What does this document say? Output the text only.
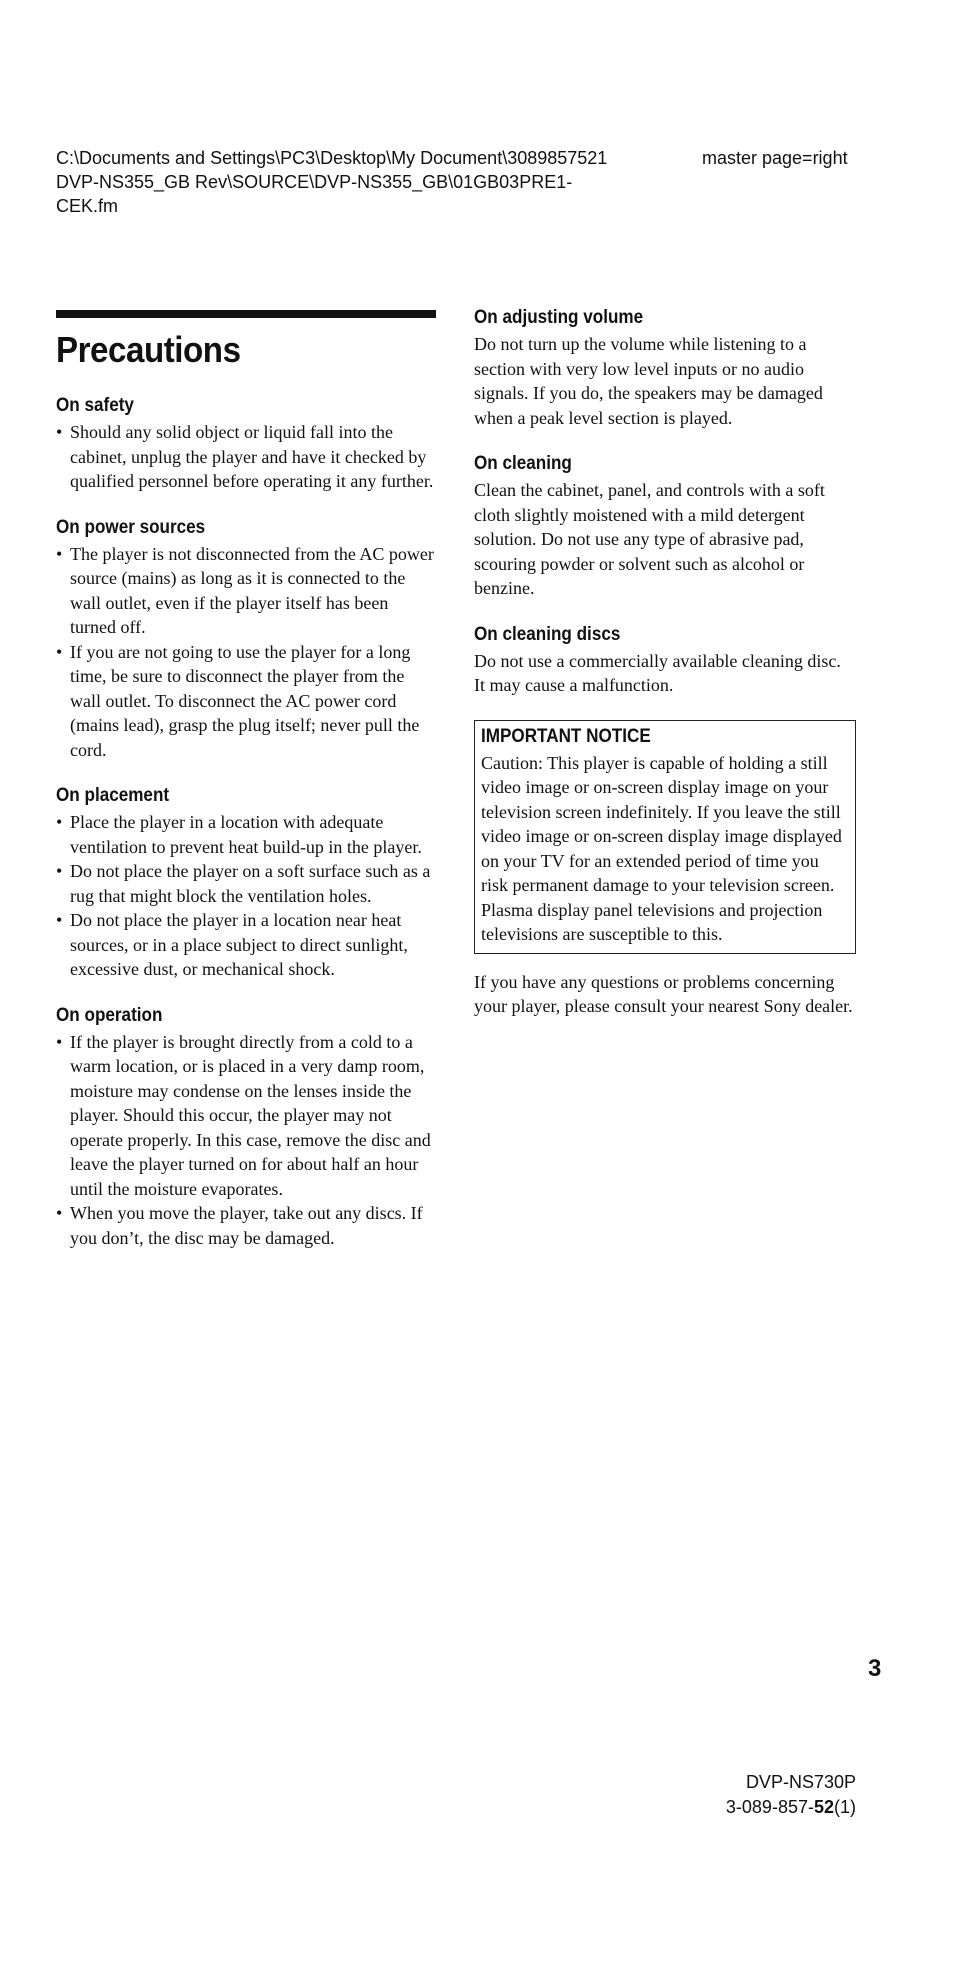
C:\Documents and Settings\PC3\Desktop\My Document\3089857521 DVP-NS355_GB Rev\SOURCE\DVP-NS355_GB\01GB03PRE1-CEK.fm
master page=right
Precautions
On safety
• Should any solid object or liquid fall into the cabinet, unplug the player and have it checked by qualified personnel before operating it any further.
On power sources
• The player is not disconnected from the AC power source (mains) as long as it is connected to the wall outlet, even if the player itself has been turned off.
• If you are not going to use the player for a long time, be sure to disconnect the player from the wall outlet. To disconnect the AC power cord (mains lead), grasp the plug itself; never pull the cord.
On placement
• Place the player in a location with adequate ventilation to prevent heat build-up in the player.
• Do not place the player on a soft surface such as a rug that might block the ventilation holes.
• Do not place the player in a location near heat sources, or in a place subject to direct sunlight, excessive dust, or mechanical shock.
On operation
• If the player is brought directly from a cold to a warm location, or is placed in a very damp room, moisture may condense on the lenses inside the player. Should this occur, the player may not operate properly. In this case, remove the disc and leave the player turned on for about half an hour until the moisture evaporates.
• When you move the player, take out any discs. If you don’t, the disc may be damaged.
On adjusting volume

Do not turn up the volume while listening to a section with very low level inputs or no audio signals. If you do, the speakers may be damaged when a peak level section is played.

On cleaning

Clean the cabinet, panel, and controls with a soft cloth slightly moistened with a mild detergent solution. Do not use any type of abrasive pad, scouring powder or solvent such as alcohol or benzine.

On cleaning discs

Do not use a commercially available cleaning disc. It may cause a malfunction.

IMPORTANT NOTICE

Caution: This player is capable of holding a still video image or on-screen display image on your television screen indefinitely. If you leave the still video image or on-screen display image displayed on your TV for an extended period of time you risk permanent damage to your television screen. Plasma display panel televisions and projection televisions are susceptible to this.

If you have any questions or problems concerning your player, please consult your nearest Sony dealer.

3
DVP-NS730P
3-089-857-52(1)
